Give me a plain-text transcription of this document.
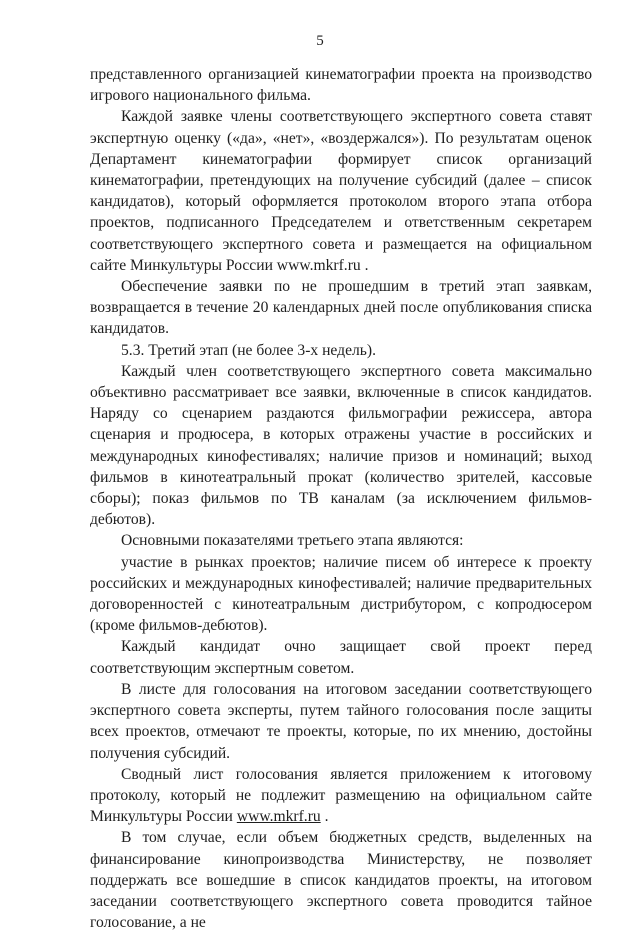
5

представленного организацией кинематографии проекта на производство игрового национального фильма.

Каждой заявке члены соответствующего экспертного совета ставят экспертную оценку («да», «нет», «воздержался»). По результатам оценок Департамент кинематографии формирует список организаций кинематографии, претендующих на получение субсидий (далее – список кандидатов), который оформляется протоколом второго этапа отбора проектов, подписанного Председателем и ответственным секретарем соответствующего экспертного совета и размещается на официальном сайте Минкультуры России www.mkrf.ru .

Обеспечение заявки по не прошедшим в третий этап заявкам, возвращается в течение 20 календарных дней после опубликования списка кандидатов.

5.3. Третий этап (не более 3-х недель).

Каждый член соответствующего экспертного совета максимально объективно рассматривает все заявки, включенные в список кандидатов. Наряду со сценарием раздаются фильмографии режиссера, автора сценария и продюсера, в которых отражены участие в российских и международных кинофестивалях; наличие призов и номинаций; выход фильмов в кинотеатральный прокат (количество зрителей, кассовые сборы); показ фильмов по ТВ каналам (за исключением фильмов-дебютов).

Основными показателями третьего этапа являются:

участие в рынках проектов; наличие писем об интересе к проекту российских и международных кинофестивалей; наличие предварительных договоренностей с кинотеатральным дистрибутором, с копродюсером (кроме фильмов-дебютов).

Каждый кандидат очно защищает свой проект перед соответствующим экспертным советом.

В листе для голосования на итоговом заседании соответствующего экспертного совета эксперты, путем тайного голосования после защиты всех проектов, отмечают те проекты, которые, по их мнению, достойны получения субсидий.

Сводный лист голосования является приложением к итоговому протоколу, который не подлежит размещению на официальном сайте Минкультуры России www.mkrf.ru .

В том случае, если объем бюджетных средств, выделенных на финансирование кинопроизводства Министерству, не позволяет поддержать все вошедшие в список кандидатов проекты, на итоговом заседании соответствующего экспертного совета проводится тайное голосование, а не
